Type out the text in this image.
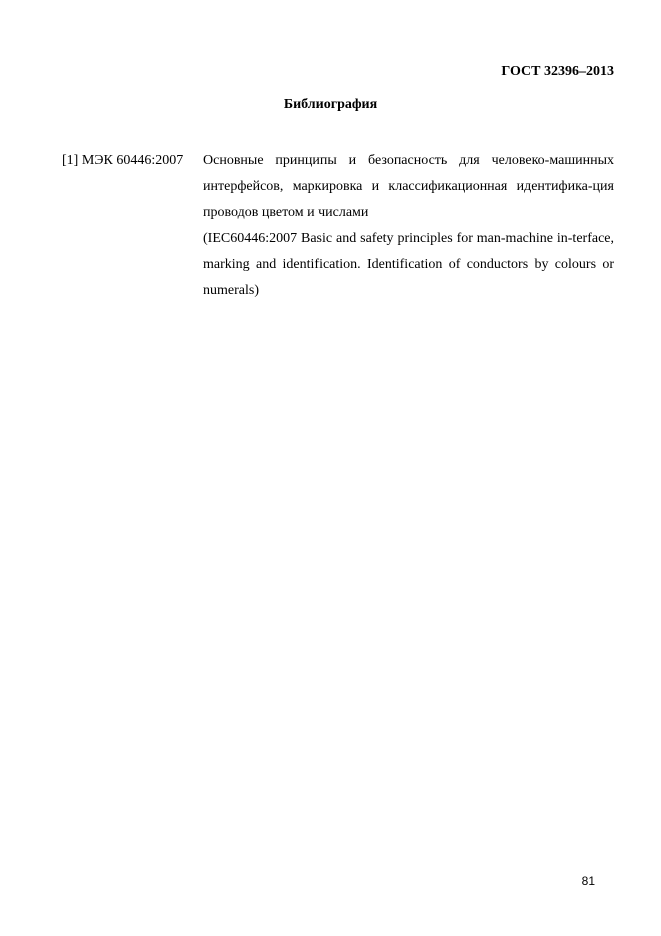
ГОСТ 32396–2013
Библиография
[1] МЭК 60446:2007 Основные принципы и безопасность для человеко-машинных интерфейсов, маркировка и классификационная идентифика-ция проводов цветом и числами
(IEC60446:2007 Basic and safety principles for man-machine in-terface, marking and identification. Identification of conductors by colours or numerals)
81
